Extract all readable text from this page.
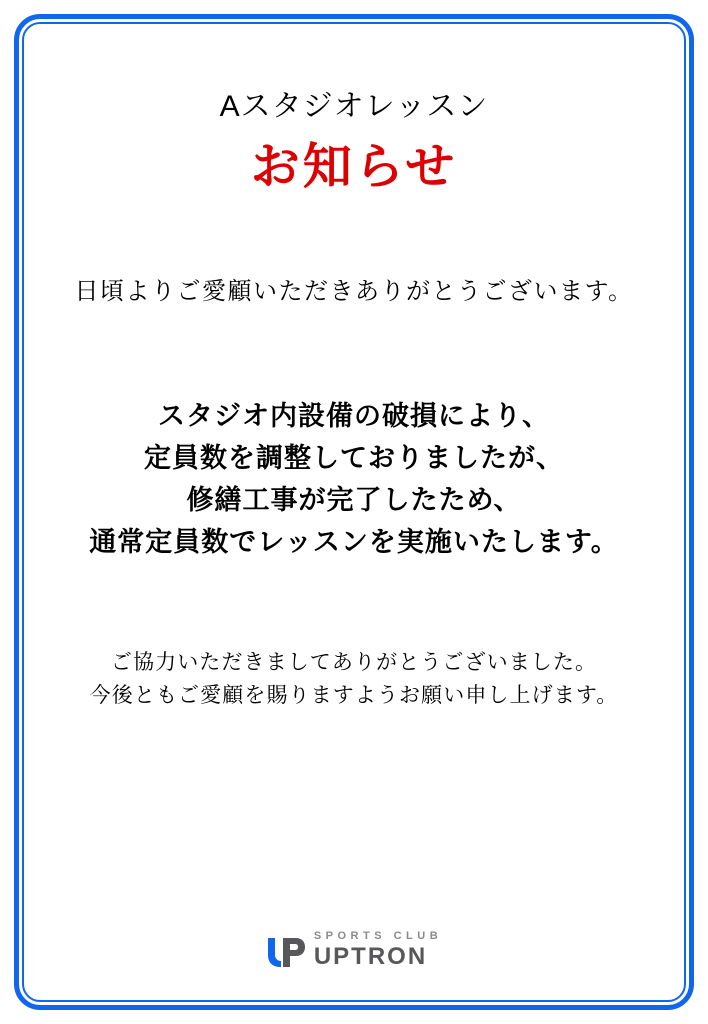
Aスタジオレッスン
お知らせ
日頃よりご愛顧いただきありがとうございます。
スタジオ内設備の破損により、
定員数を調整しておりましたが、
修繕工事が完了したため、
通常定員数でレッスンを実施いたします。
ご協力いただきましてありがとうございました。
今後ともご愛顧を賜りますようお願い申し上げます。
SPORTS CLUB
UPTRON
